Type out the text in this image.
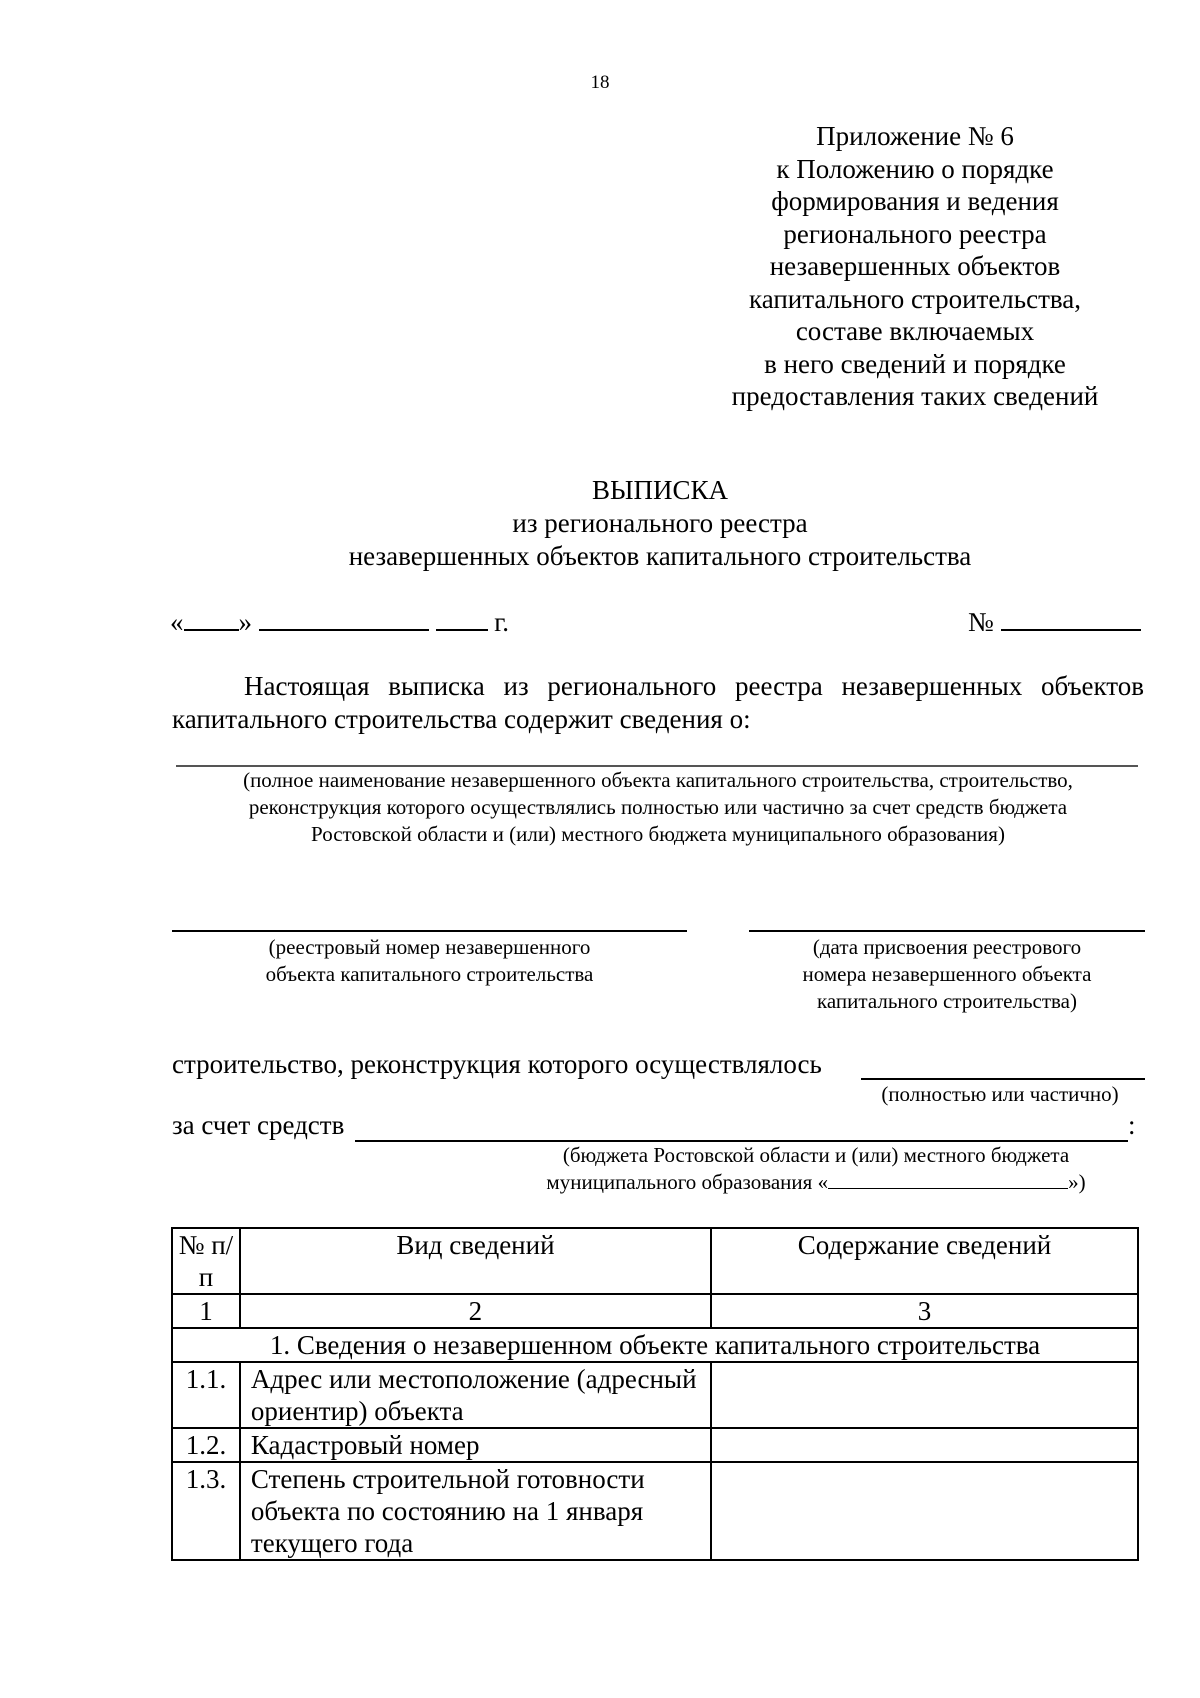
18
Приложение № 6
к Положению о порядке
формирования и ведения
регионального реестра
незавершенных объектов
капитального строительства,
составе включаемых
в него сведений и порядке
предоставления таких сведений
ВЫПИСКА
из регионального реестра
незавершенных объектов капитального строительства
« »	г.	№

Настоящая выписка из регионального реестра незавершенных объектов капитального строительства содержит сведения о:

(полное наименование незавершенного объекта капитального строительства, строительство,
реконструкция которого осуществлялись полностью или частично за счет средств бюджета
Ростовской области и (или) местного бюджета муниципального образования)
(реестровый номер незавершенного
объекта капитального строительства
(дата присвоения реестрового
номера незавершенного объекта
капитального строительства)
строительство, реконструкция которого осуществлялось
(полностью или частично)
за счет средств	:
(бюджета Ростовской области и (или) местного бюджета
муниципального образования «	»)
№ п/п	Вид сведений	Содержание сведений
1	2	3
1. Сведения о незавершенном объекте капитального строительства		
1.1.	Адрес или местоположение (адресный ориентир) объекта	
1.2.	Кадастровый номер	
1.3.	Степень строительной готовности объекта по состоянию на 1 января текущего года	
